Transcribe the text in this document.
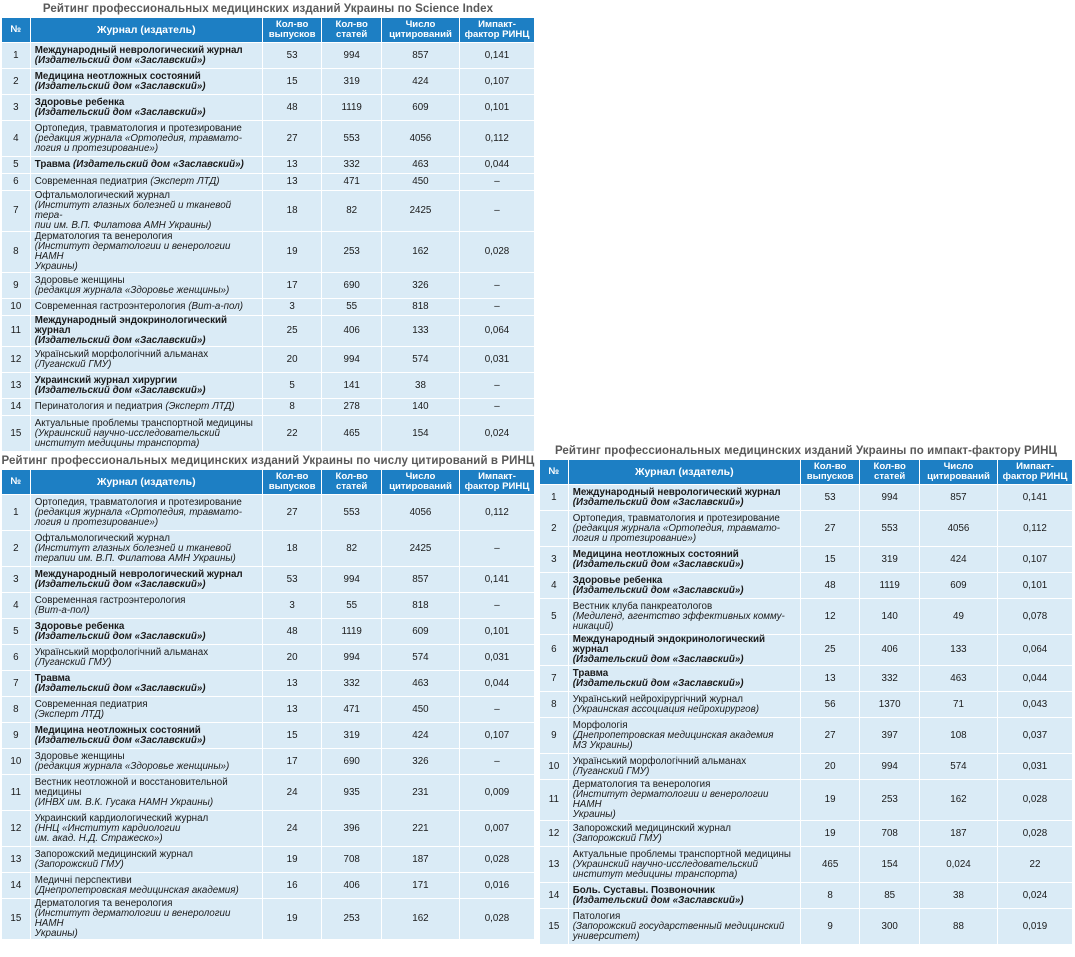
Рейтинг профессиональных медицинских изданий Украины по Science Index
№	Журнал (издатель)	Кол-во выпусков	Кол-во статей	Число цитирований	Импакт-фактор РИНЦ
1	Международный неврологический журнал
(Издательский дом «Заславский»)	53	994	857	0,141
2	Медицина неотложных состояний
(Издательский дом «Заславский»)	15	319	424	0,107
3	Здоровье ребенка
(Издательский дом «Заславский»)	48	1119	609	0,101
4	Ортопедия, травматология и протезирование
(редакция журнала «Ортопедия, травмато-
логия и протезирование»)	27	553	4056	0,112
5	Травма (Издательский дом «Заславский»)	13	332	463	0,044
6	Современная педиатрия (Эксперт ЛТД)	13	471	450	–
7	Офтальмологический журнал
(Институт глазных болезней и тканевой тера-
пии им. В.П. Филатова АМН Украины)	18	82	2425	–
8	Дерматология та венерология
(Институт дерматологии и венерологии НАМН
Украины)	19	253	162	0,028
9	Здоровье женщины
(редакция журнала «Здоровье женщины»)	17	690	326	–
10	Современная гастроэнтерология (Вит-а-пол)	3	55	818	–
11	Международный эндокринологический журнал
(Издательский дом «Заславский»)	25	406	133	0,064
12	Український морфологічний альманах
(Луганский ГМУ)	20	994	574	0,031
13	Украинский журнал хирургии
(Издательский дом «Заславский»)	5	141	38	–
14	Перинатология и педиатрия (Эксперт ЛТД)	8	278	140	–
15	Актуальные проблемы транспортной медицины
(Украинский научно-исследовательский
институт медицины транспорта)	22	465	154	0,024
Рейтинг профессиональных медицинских изданий Украины по числу цитирований в РИНЦ
№	Журнал (издатель)	Кол-во выпусков	Кол-во статей	Число цитирований	Импакт-фактор РИНЦ
1	Ортопедия, травматология и протезирование
(редакция журнала «Ортопедия, травмато-
логия и протезирование»)	27	553	4056	0,112
2	Офтальмологический журнал
(Институт глазных болезней и тканевой
терапии им. В.П. Филатова АМН Украины)	18	82	2425	–
3	Международный неврологический журнал
(Издательский дом «Заславский»)	53	994	857	0,141
4	Современная гастроэнтерология
(Вит-а-пол)	3	55	818	–
5	Здоровье ребенка
(Издательский дом «Заславский»)	48	1119	609	0,101
6	Український морфологічний альманах
(Луганский ГМУ)	20	994	574	0,031
7	Травма
(Издательский дом «Заславский»)	13	332	463	0,044
8	Современная педиатрия
(Эксперт ЛТД)	13	471	450	–
9	Медицина неотложных состояний
(Издательский дом «Заславский»)	15	319	424	0,107
10	Здоровье женщины
(редакция журнала «Здоровье женщины»)	17	690	326	–
11	Вестник неотложной и восстановительной
медицины
(ИНВХ им. В.К. Гусака НАМН Украины)	24	935	231	0,009
12	Украинский кардиологический журнал
(ННЦ «Институт кардиологии
им. акад. Н.Д. Стражеско»)	24	396	221	0,007
13	Запорожский медицинский журнал
(Запорожский ГМУ)	19	708	187	0,028
14	Медичні перспективи
(Днепропетровская медицинская академия)	16	406	171	0,016
15	Дерматология та венерология
(Институт дерматологии и венерологии НАМН
Украины)	19	253	162	0,028
Рейтинг профессиональных медицинских изданий Украины по импакт-фактору РИНЦ
№	Журнал (издатель)	Кол-во выпусков	Кол-во статей	Число цитирований	Импакт-фактор РИНЦ
1	Международный неврологический журнал
(Издательский дом «Заславский»)	53	994	857	0,141
2	Ортопедия, травматология и протезирование
(редакция журнала «Ортопедия, травмато-
логия и протезирование»)	27	553	4056	0,112
3	Медицина неотложных состояний
(Издательский дом «Заславский»)	15	319	424	0,107
4	Здоровье ребенка
(Издательский дом «Заславский»)	48	1119	609	0,101
5	Вестник клуба панкреатологов
(Медиленд, агентство эффективных комму-
никаций)	12	140	49	0,078
6	Международный эндокринологический журнал
(Издательский дом «Заславский»)	25	406	133	0,064
7	Травма
(Издательский дом «Заславский»)	13	332	463	0,044
8	Український нейрохірургічний журнал
(Украинская ассоциация нейрохирургов)	56	1370	71	0,043
9	Морфологія
(Днепропетровская медицинская академия
МЗ Украины)	27	397	108	0,037
10	Український морфологічний альманах
(Луганский ГМУ)	20	994	574	0,031
11	Дерматология та венерология
(Институт дерматологии и венерологии НАМН
Украины)	19	253	162	0,028
12	Запорожский медицинский журнал
(Запорожский ГМУ)	19	708	187	0,028
13	Актуальные проблемы транспортной медицины
(Украинский научно-исследовательский
институт медицины транспорта)	465	154	0,024	22
14	Боль. Суставы. Позвоночник
(Издательский дом «Заславский»)	8	85	38	0,024
15	Патология
(Запорожский государственный медицинский
университет)	9	300	88	0,019
